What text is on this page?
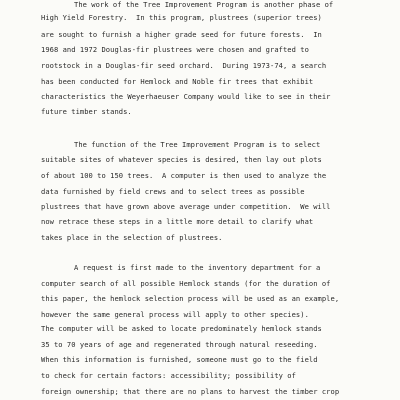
The work of the Tree Improvement Program is another phase of
High Yield Forestry.  In this program, plustrees (superior trees)
are sought to furnish a higher grade seed for future forests.  In
1968 and 1972 Douglas-fir plustrees were chosen and grafted to
rootstock in a Douglas-fir seed orchard.  During 1973-74, a search
has been conducted for Hemlock and Noble fir trees that exhibit
characteristics the Weyerhaeuser Company would like to see in their
future timber stands.
The function of the Tree Improvement Program is to select
suitable sites of whatever species is desired, then lay out plots
of about 100 to 150 trees.  A computer is then used to analyze the
data furnished by field crews and to select trees as possible
plustrees that have grown above average under competition.  We will
now retrace these steps in a little more detail to clarify what
takes place in the selection of plustrees.
A request is first made to the inventory department for a
computer search of all possible Hemlock stands (for the duration of
this paper, the hemlock selection process will be used as an example,
however the same general process will apply to other species).
The computer will be asked to locate predominately hemlock stands
35 to 70 years of age and regenerated through natural reseeding.
When this information is furnished, someone must go to the field
to check for certain factors: accessibility; possibility of
foreign ownership; that there are no plans to harvest the timber crop
